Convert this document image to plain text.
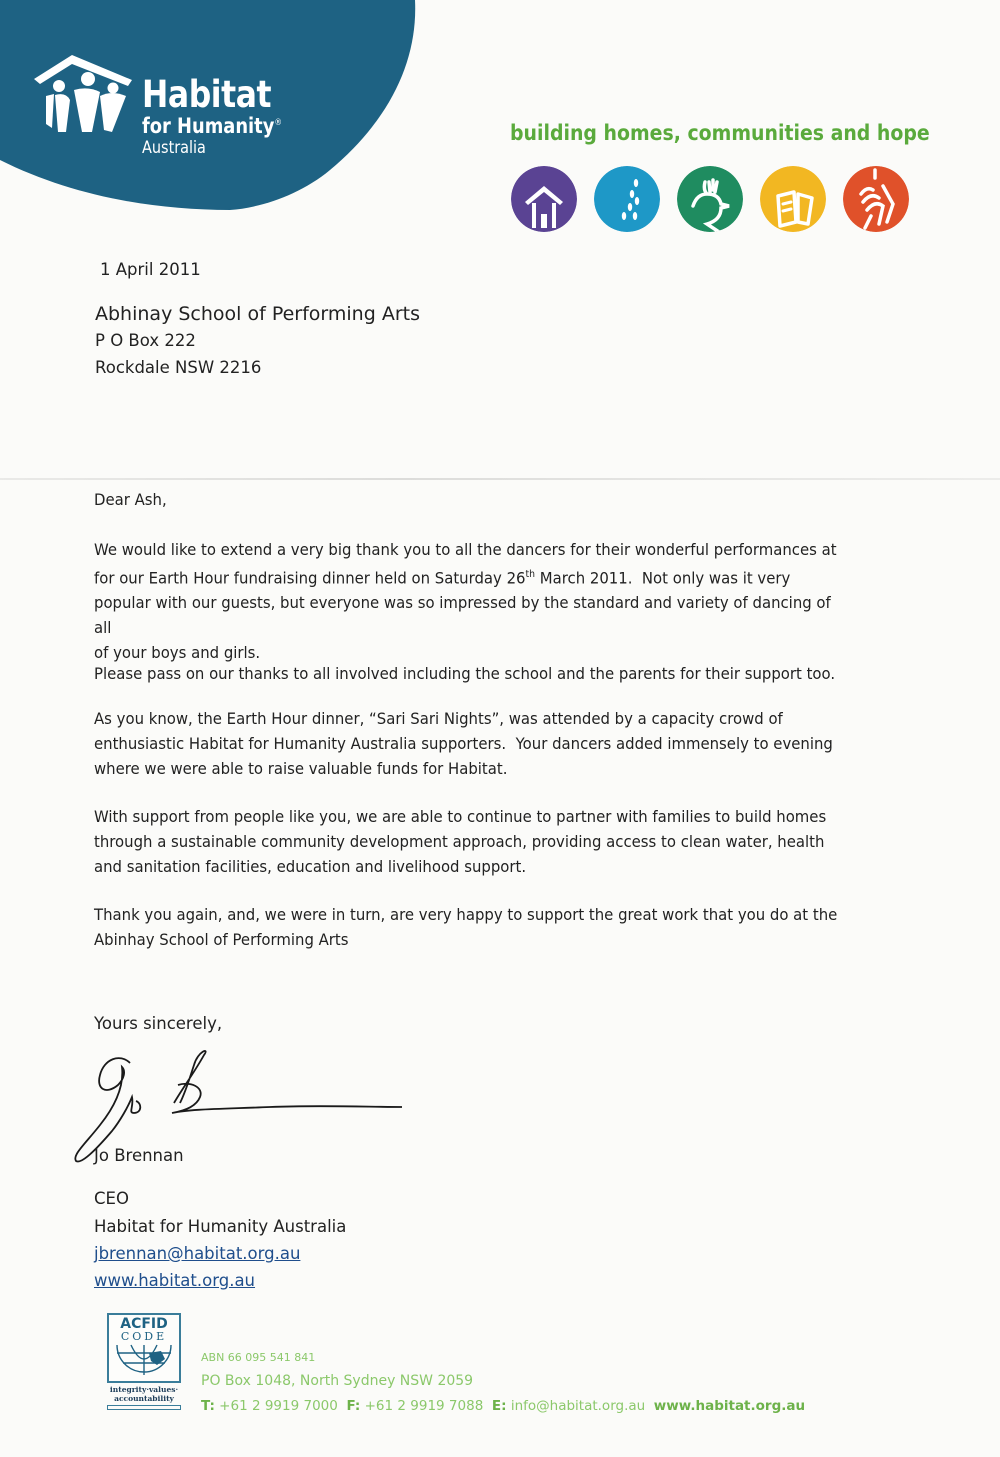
Habitat
for Humanity®
Australia
building homes, communities and hope
1 April 2011
Abhinay School of Performing Arts
P O Box 222
Rockdale NSW 2216
Dear Ash,
We would like to extend a very big thank you to all the dancers for their wonderful performances at
for our Earth Hour fundraising dinner held on Saturday 26th March 2011.  Not only was it very
popular with our guests, but everyone was so impressed by the standard and variety of dancing of all
of your boys and girls.
Please pass on our thanks to all involved including the school and the parents for their support too.
As you know, the Earth Hour dinner, “Sari Sari Nights”, was attended by a capacity crowd of
enthusiastic Habitat for Humanity Australia supporters.  Your dancers added immensely to evening
where we were able to raise valuable funds for Habitat.
With support from people like you, we are able to continue to partner with families to build homes
through a sustainable community development approach, providing access to clean water, health
and sanitation facilities, education and livelihood support.
Thank you again, and, we were in turn, are very happy to support the great work that you do at the
Abinhay School of Performing Arts
Yours sincerely,
Jo Brennan
CEO
Habitat for Humanity Australia
jbrennan@habitat.org.au
www.habitat.org.au
ACFID
CODE
integrity·values·
accountability
ABN 66 095 541 841
PO Box 1048, North Sydney NSW 2059
T: +61 2 9919 7000 F: +61 2 9919 7088 E: info@habitat.org.au www.habitat.org.au
